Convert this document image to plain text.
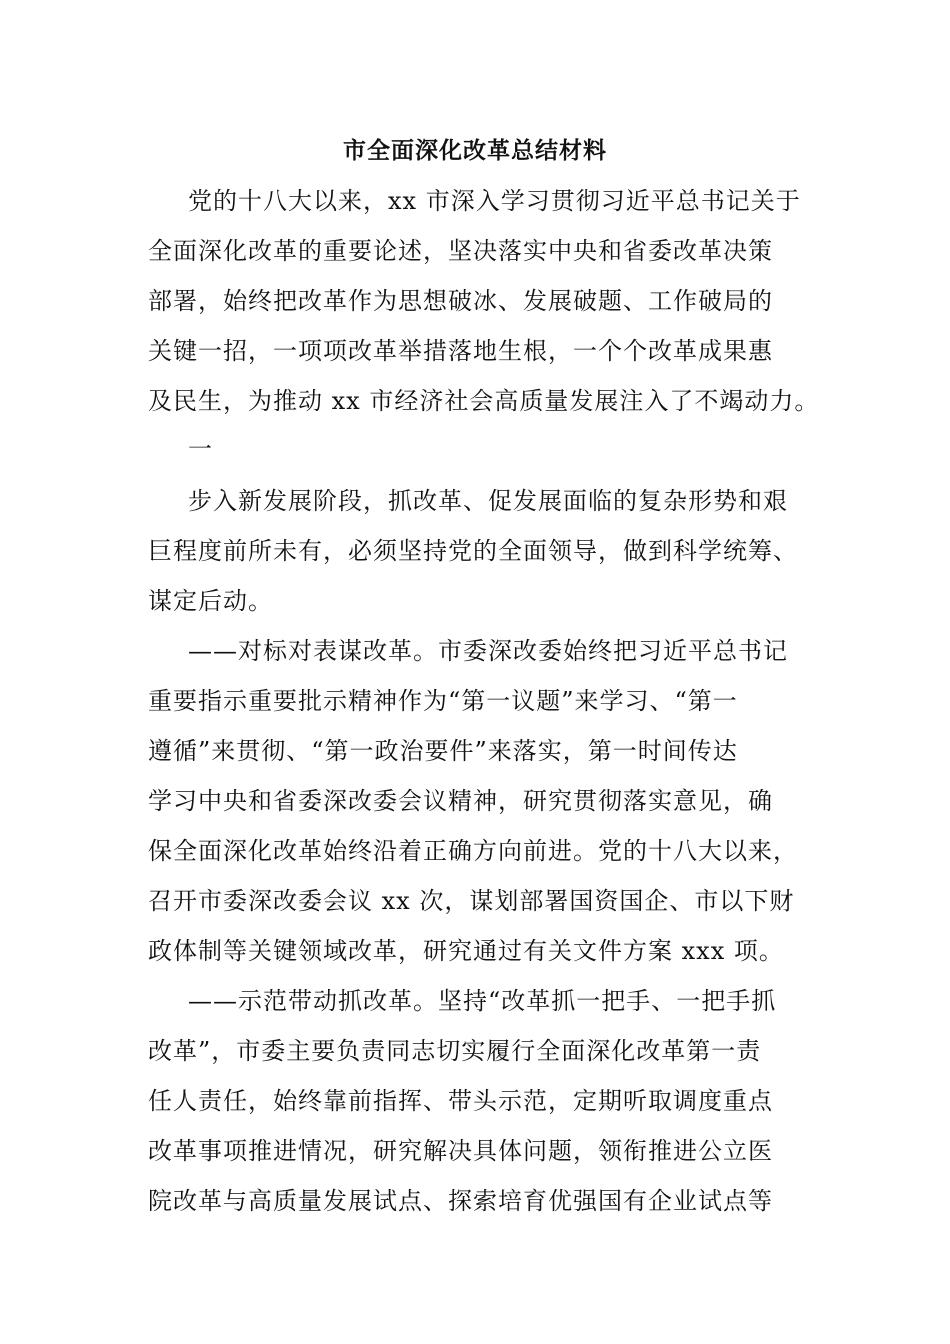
市全面深化改革总结材料
党的十八大以来，xx 市深入学习贯彻习近平总书记关于
全面深化改革的重要论述，坚决落实中央和省委改革决策
部署，始终把改革作为思想破冰、发展破题、工作破局的
关键一招，一项项改革举措落地生根，一个个改革成果惠
及民生，为推动 xx 市经济社会高质量发展注入了不竭动力。
一
步入新发展阶段，抓改革、促发展面临的复杂形势和艰
巨程度前所未有，必须坚持党的全面领导，做到科学统筹、
谋定后动。
——对标对表谋改革。市委深改委始终把习近平总书记
重要指示重要批示精神作为“第一议题”来学习、“第一
遵循”来贯彻、“第一政治要件”来落实，第一时间传达
学习中央和省委深改委会议精神，研究贯彻落实意见，确
保全面深化改革始终沿着正确方向前进。党的十八大以来，
召开市委深改委会议 xx 次，谋划部署国资国企、市以下财
政体制等关键领域改革，研究通过有关文件方案 xxx 项。
——示范带动抓改革。坚持“改革抓一把手、一把手抓
改革”，市委主要负责同志切实履行全面深化改革第一责
任人责任，始终靠前指挥、带头示范，定期听取调度重点
改革事项推进情况，研究解决具体问题，领衔推进公立医
院改革与高质量发展试点、探索培育优强国有企业试点等
